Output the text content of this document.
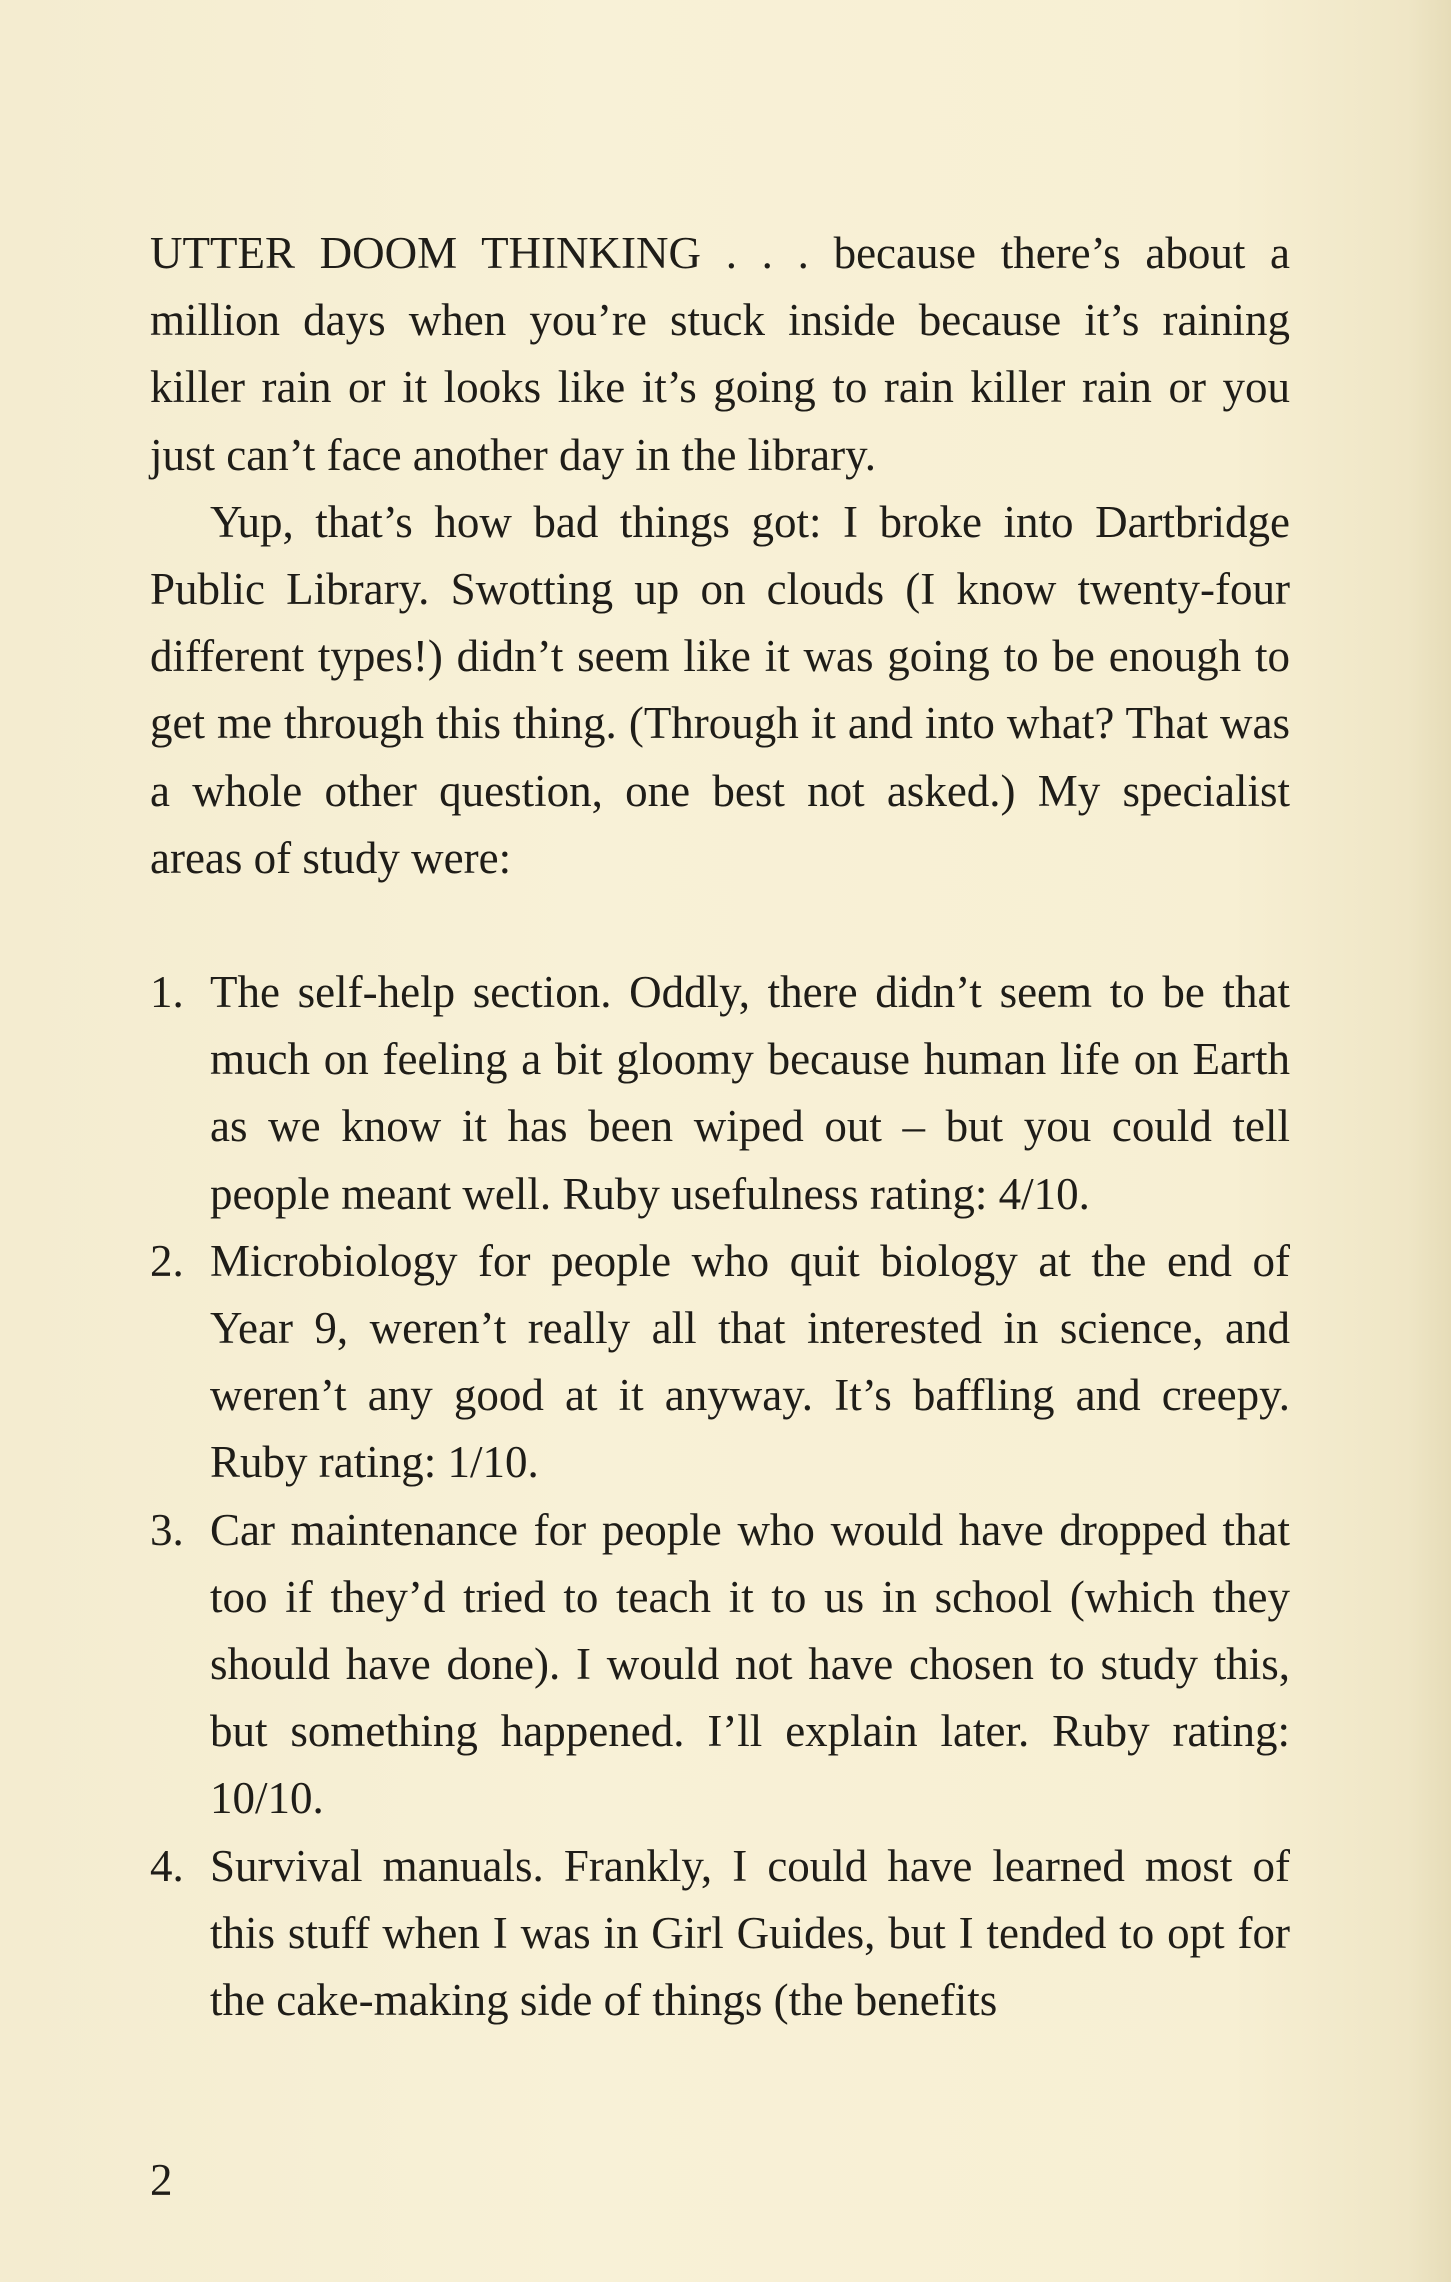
UTTER DOOM THINKING . . . because there’s about a million days when you’re stuck inside because it’s raining killer rain or it looks like it’s going to rain killer rain or you just can’t face another day in the library.

Yup, that’s how bad things got: I broke into Dartbridge Public Library. Swotting up on clouds (I know twenty-four different types!) didn’t seem like it was going to be enough to get me through this thing. (Through it and into what? That was a whole other question, one best not asked.) My specialist areas of study were:

1. The self-help section. Oddly, there didn’t seem to be that much on feeling a bit gloomy because human life on Earth as we know it has been wiped out – but you could tell people meant well. Ruby usefulness rating: 4/10.
2. Microbiology for people who quit biology at the end of Year 9, weren’t really all that interested in science, and weren’t any good at it anyway. It’s baffling and creepy. Ruby rating: 1/10.
3. Car maintenance for people who would have dropped that too if they’d tried to teach it to us in school (which they should have done). I would not have chosen to study this, but something happened. I’ll explain later. Ruby rating: 10/10.
4. Survival manuals. Frankly, I could have learned most of this stuff when I was in Girl Guides, but I tended to opt for the cake-making side of things (the benefits
2
